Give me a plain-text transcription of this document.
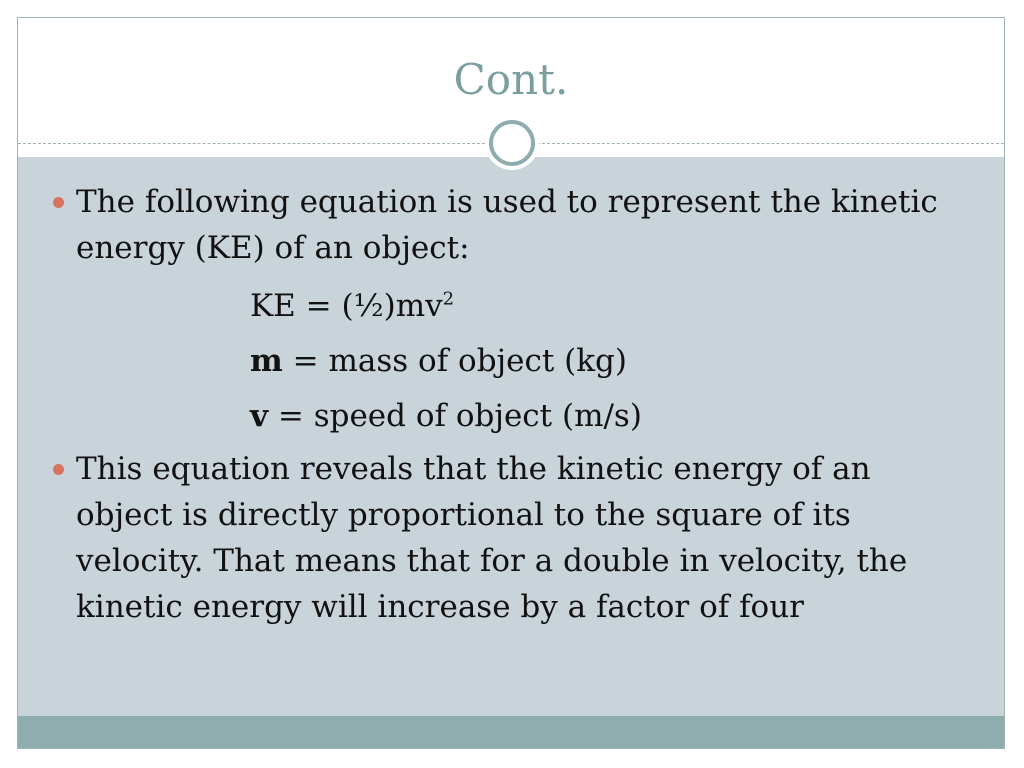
Cont.
The following equation is used to represent the kinetic energy (KE) of an object:
KE = $(\frac{1}{2})mv^2$
m = mass of object (kg)
v = speed of object (m/s)
This equation reveals that the kinetic energy of an object is directly proportional to the square of its velocity. That means that for a double in velocity, the kinetic energy will increase by a factor of four
